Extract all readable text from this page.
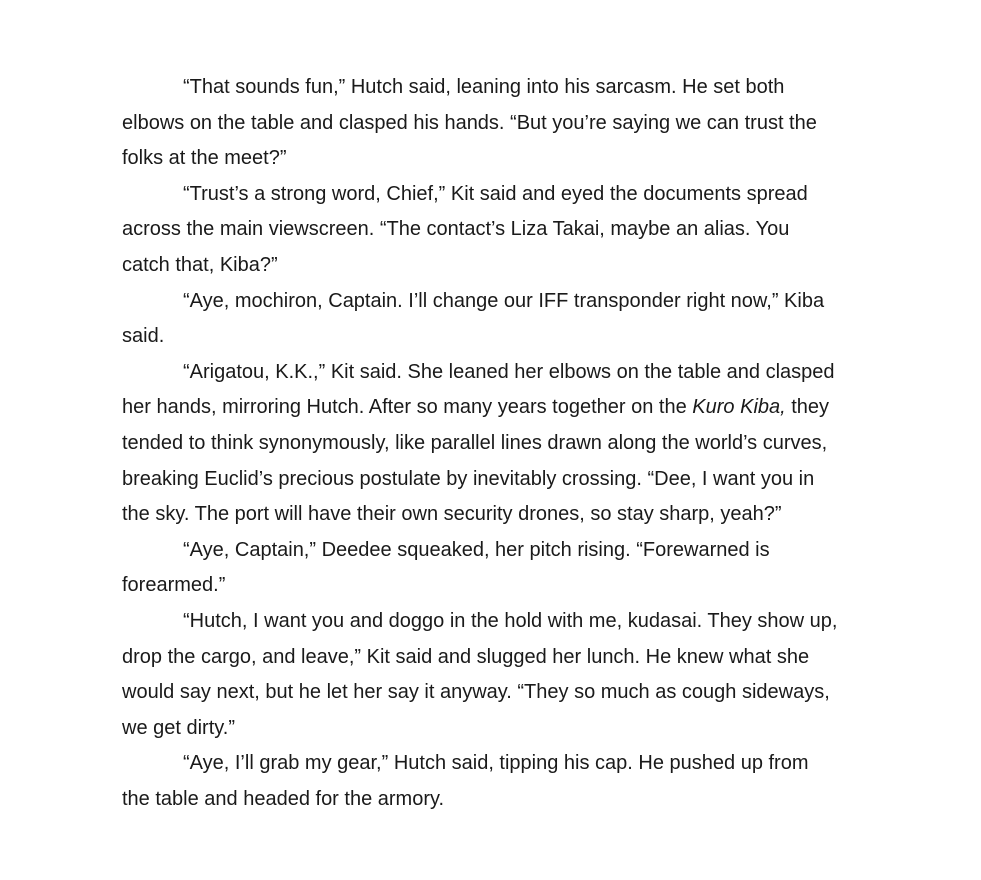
“That sounds fun,” Hutch said, leaning into his sarcasm. He set both
elbows on the table and clasped his hands. “But you’re saying we can trust the
folks at the meet?”
“Trust’s a strong word, Chief,” Kit said and eyed the documents spread
across the main viewscreen. “The contact’s Liza Takai, maybe an alias. You
catch that, Kiba?”
“Aye, mochiron, Captain. I’ll change our IFF transponder right now,” Kiba
said.
“Arigatou, K.K.,” Kit said. She leaned her elbows on the table and clasped
her hands, mirroring Hutch. After so many years together on the Kuro Kiba, they
tended to think synonymously, like parallel lines drawn along the world’s curves,
breaking Euclid’s precious postulate by inevitably crossing. “Dee, I want you in
the sky. The port will have their own security drones, so stay sharp, yeah?”
“Aye, Captain,” Deedee squeaked, her pitch rising. “Forewarned is
forearmed.”
“Hutch, I want you and doggo in the hold with me, kudasai. They show up,
drop the cargo, and leave,” Kit said and slugged her lunch. He knew what she
would say next, but he let her say it anyway. “They so much as cough sideways,
we get dirty.”
“Aye, I’ll grab my gear,” Hutch said, tipping his cap. He pushed up from
the table and headed for the armory.
